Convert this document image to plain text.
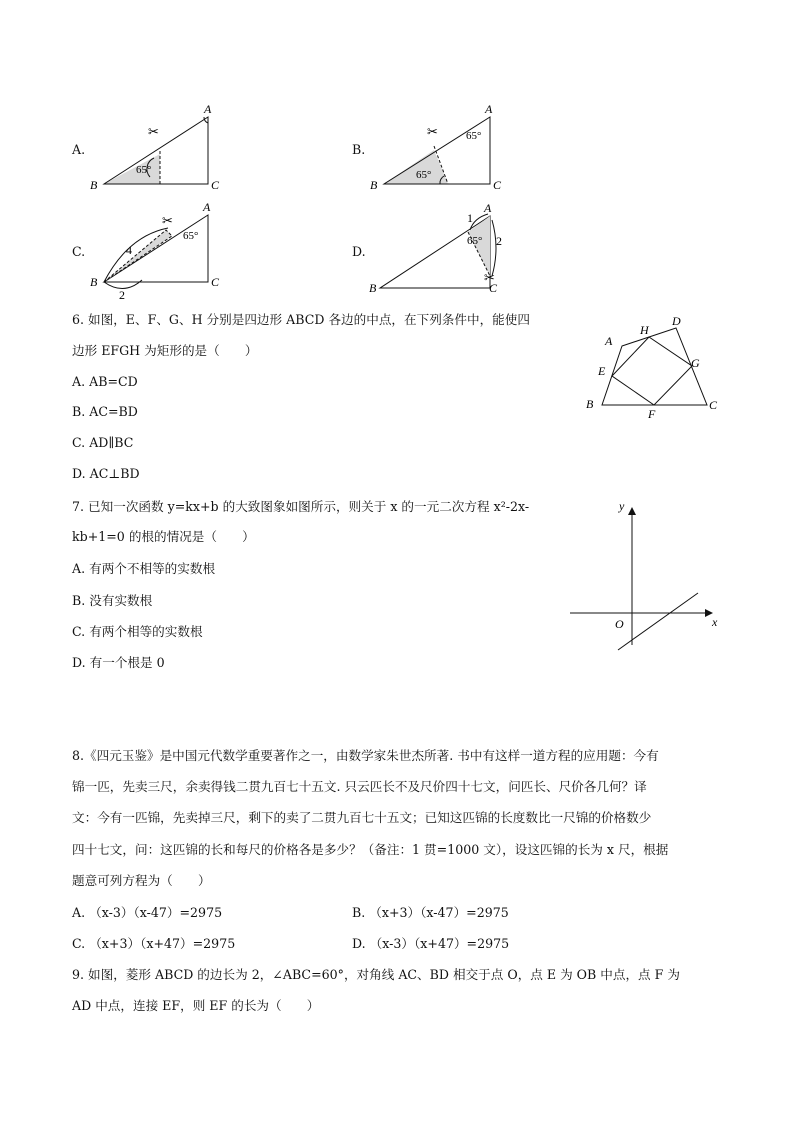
A.
A
B	C
65°
✂
B.
A
B	C
65°
65°
✂
C.
A
B	C
65°
4
2
✂
D.
A
B	C
65°
1
2
✂
6. 如图，E、F、G、H 分别是四边形 ABCD 各边的中点，在下列条件中，能使四
边形 EFGH 为矩形的是（　　）
A. AB=CD
B. AC=BD
C. AD∥BC
D. AC⊥BD
A
B	C
D
E
F
G
H
7. 已知一次函数 y=kx+b 的大致图象如图所示，则关于 x 的一元二次方程 x²-2x-
kb+1=0 的根的情况是（　　）
A. 有两个不相等的实数根
B. 没有实数根
C. 有两个相等的实数根
D. 有一个根是 0
y
x
O
8.《四元玉鉴》是中国元代数学重要著作之一，由数学家朱世杰所著. 书中有这样一道方程的应用题：今有
锦一匹，先卖三尺，余卖得钱二贯九百七十五文. 只云匹长不及尺价四十七文，问匹长、尺价各几何？译
文：今有一匹锦，先卖掉三尺，剩下的卖了二贯九百七十五文；已知这匹锦的长度数比一尺锦的价格数少
四十七文，问：这匹锦的长和每尺的价格各是多少？（备注：1 贯=1000 文），设这匹锦的长为 x 尺，根据
题意可列方程为（　　）
A. （x-3）（x-47）=2975	B. （x+3）（x-47）=2975
C. （x+3）（x+47）=2975	D. （x-3）（x+47）=2975
9. 如图，菱形 ABCD 的边长为 2，∠ABC=60°，对角线 AC、BD 相交于点 O，点 E 为 OB 中点，点 F 为
AD 中点，连接 EF，则 EF 的长为（　　）
